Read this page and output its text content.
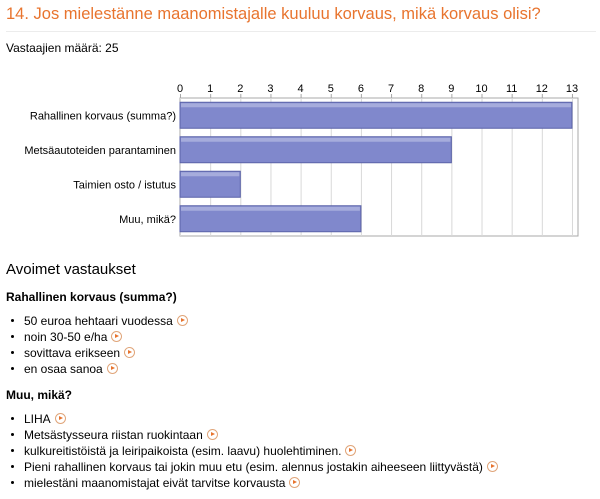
14. Jos mielestänne maanomistajalle kuuluu korvaus, mikä korvaus olisi?
Vastaajien määrä: 25
0 1 2 3 4 5 6 7 8 9 10 11 12 13
Rahallinen korvaus (summa?)
Metsäautoteiden parantaminen
Taimien osto / istutus
Muu, mikä?
Avoimet vastaukset
Rahallinen korvaus (summa?)
50 euroa hehtaari vuodessa
noin 30-50 e/ha
sovittava erikseen
en osaa sanoa
Muu, mikä?
LIHA
Metsästysseura riistan ruokintaan
kulkureitistöistä ja leiripaikoista (esim. laavu) huolehtiminen.
Pieni rahallinen korvaus tai jokin muu etu (esim. alennus jostakin aiheeseen liittyvästä)
mielestäni maanomistajat eivät tarvitse korvausta
